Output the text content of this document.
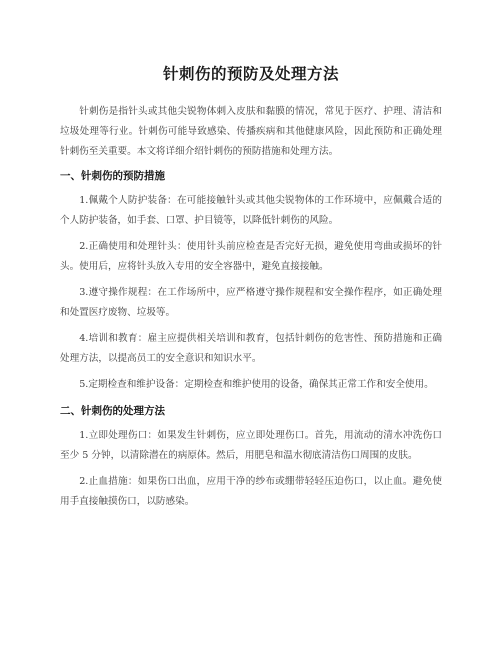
针刺伤的预防及处理方法

针刺伤是指针头或其他尖锐物体刺入皮肤和黏膜的情况，常见于医疗、护理、清洁和垃圾处理等行业。针刺伤可能导致感染、传播疾病和其他健康风险，因此预防和正确处理针刺伤至关重要。本文将详细介绍针刺伤的预防措施和处理方法。

一、针刺伤的预防措施

1.佩戴个人防护装备：在可能接触针头或其他尖锐物体的工作环境中，应佩戴合适的个人防护装备，如手套、口罩、护目镜等，以降低针刺伤的风险。

2.正确使用和处理针头：使用针头前应检查是否完好无损，避免使用弯曲或损坏的针头。使用后，应将针头放入专用的安全容器中，避免直接接触。

3.遵守操作规程：在工作场所中，应严格遵守操作规程和安全操作程序，如正确处理和处置医疗废物、垃圾等。

4.培训和教育：雇主应提供相关培训和教育，包括针刺伤的危害性、预防措施和正确处理方法，以提高员工的安全意识和知识水平。

5.定期检查和维护设备：定期检查和维护使用的设备，确保其正常工作和安全使用。

二、针刺伤的处理方法

1.立即处理伤口：如果发生针刺伤，应立即处理伤口。首先，用流动的清水冲洗伤口至少 5 分钟，以清除潜在的病原体。然后，用肥皂和温水彻底清洁伤口周围的皮肤。

2.止血措施：如果伤口出血，应用干净的纱布或绷带轻轻压迫伤口，以止血。避免使用手直接触摸伤口，以防感染。
